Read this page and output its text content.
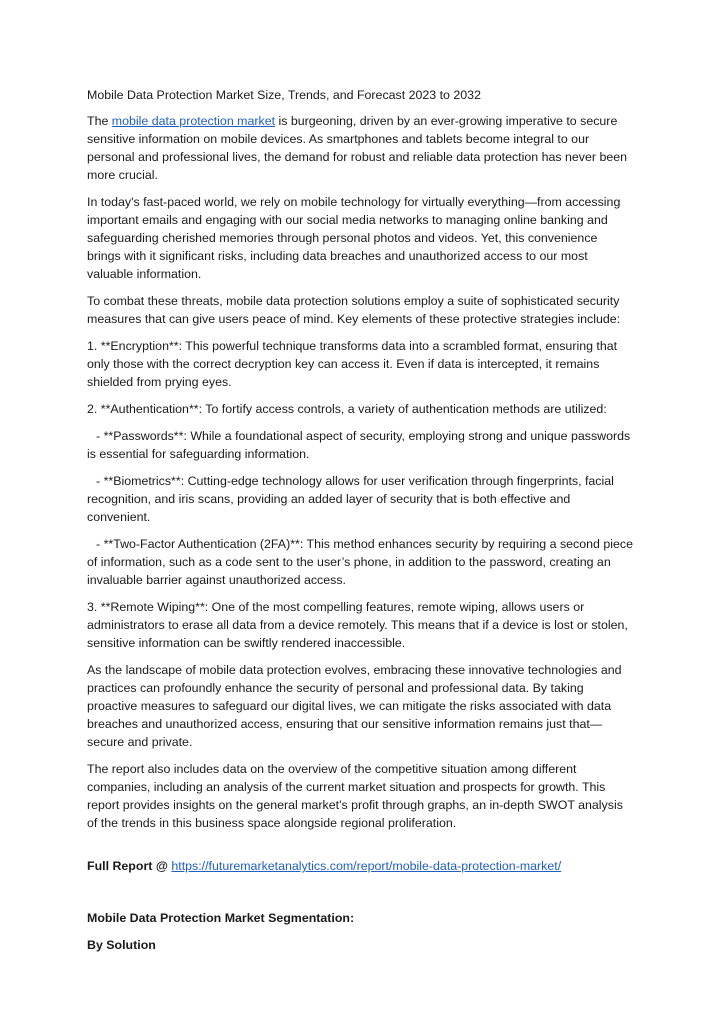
Mobile Data Protection Market Size, Trends, and Forecast 2023 to 2032

The mobile data protection market is burgeoning, driven by an ever-growing imperative to secure sensitive information on mobile devices. As smartphones and tablets become integral to our personal and professional lives, the demand for robust and reliable data protection has never been more crucial.

In today's fast-paced world, we rely on mobile technology for virtually everything—from accessing important emails and engaging with our social media networks to managing online banking and safeguarding cherished memories through personal photos and videos. Yet, this convenience brings with it significant risks, including data breaches and unauthorized access to our most valuable information.

To combat these threats, mobile data protection solutions employ a suite of sophisticated security measures that can give users peace of mind. Key elements of these protective strategies include:

1. **Encryption**: This powerful technique transforms data into a scrambled format, ensuring that only those with the correct decryption key can access it. Even if data is intercepted, it remains shielded from prying eyes.

2. **Authentication**: To fortify access controls, a variety of authentication methods are utilized:

- **Passwords**: While a foundational aspect of security, employing strong and unique passwords is essential for safeguarding information.

- **Biometrics**: Cutting-edge technology allows for user verification through fingerprints, facial recognition, and iris scans, providing an added layer of security that is both effective and convenient.

- **Two-Factor Authentication (2FA)**: This method enhances security by requiring a second piece of information, such as a code sent to the user’s phone, in addition to the password, creating an invaluable barrier against unauthorized access.

3. **Remote Wiping**: One of the most compelling features, remote wiping, allows users or administrators to erase all data from a device remotely. This means that if a device is lost or stolen, sensitive information can be swiftly rendered inaccessible.

As the landscape of mobile data protection evolves, embracing these innovative technologies and practices can profoundly enhance the security of personal and professional data. By taking proactive measures to safeguard our digital lives, we can mitigate the risks associated with data breaches and unauthorized access, ensuring that our sensitive information remains just that—secure and private.

The report also includes data on the overview of the competitive situation among different companies, including an analysis of the current market situation and prospects for growth. This report provides insights on the general market's profit through graphs, an in-depth SWOT analysis of the trends in this business space alongside regional proliferation.

Full Report @ https://futuremarketanalytics.com/report/mobile-data-protection-market/

Mobile Data Protection Market Segmentation:

By Solution
